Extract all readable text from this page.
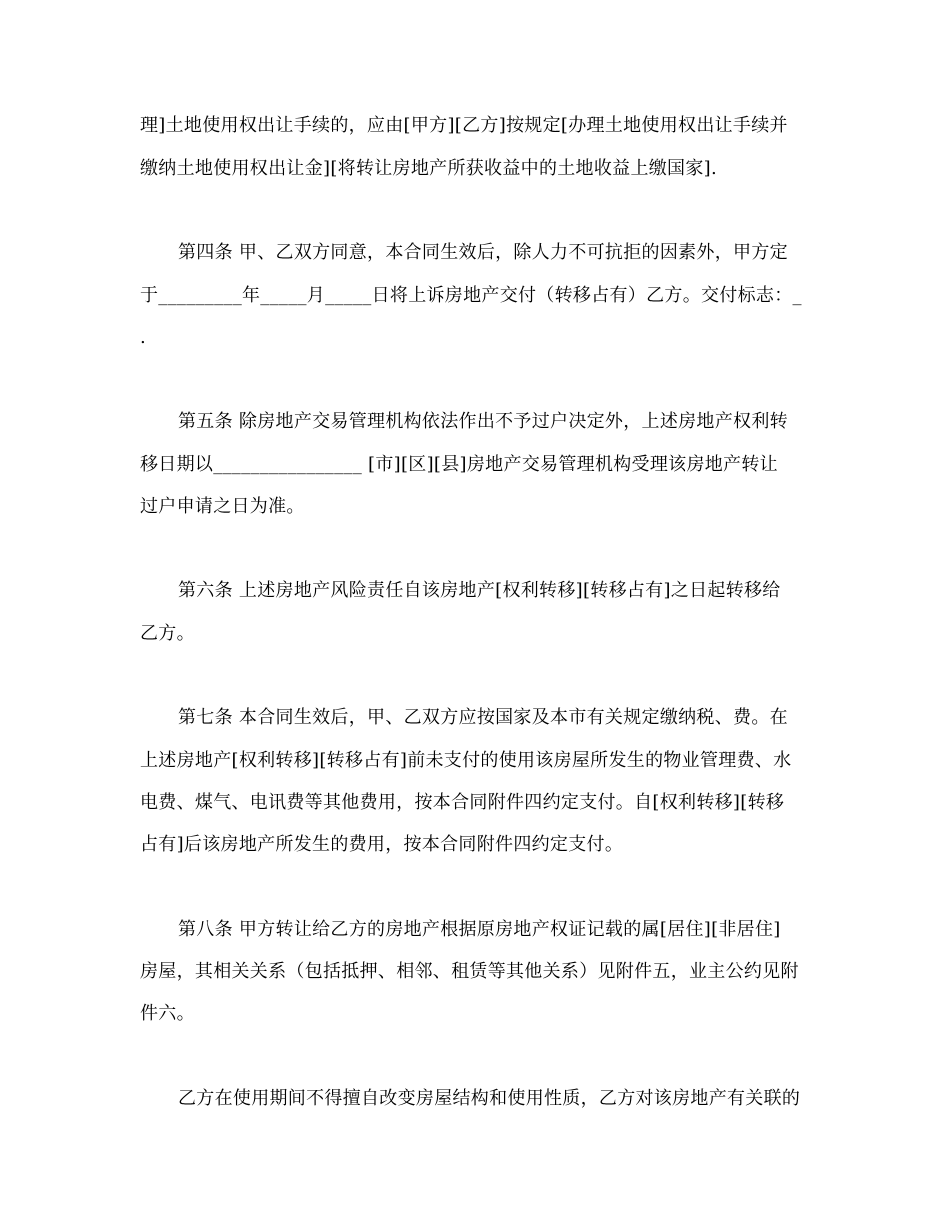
理]土地使用权出让手续的，应由[甲方][乙方]按规定[办理土地使用权出让手续并
缴纳土地使用权出让金][将转让房地产所获收益中的土地收益上缴国家].
第四条 甲、乙双方同意，本合同生效后，除人力不可抗拒的因素外，甲方定
于_________年_____月_____日将上诉房地产交付（转移占有）乙方。交付标志：_
.
第五条 除房地产交易管理机构依法作出不予过户决定外，上述房地产权利转
移日期以________________ [市][区][县]房地产交易管理机构受理该房地产转让
过户申请之日为准。
第六条 上述房地产风险责任自该房地产[权利转移][转移占有]之日起转移给
乙方。
第七条 本合同生效后，甲、乙双方应按国家及本市有关规定缴纳税、费。在
上述房地产[权利转移][转移占有]前未支付的使用该房屋所发生的物业管理费、水
电费、煤气、电讯费等其他费用，按本合同附件四约定支付。自[权利转移][转移
占有]后该房地产所发生的费用，按本合同附件四约定支付。
第八条 甲方转让给乙方的房地产根据原房地产权证记载的属[居住][非居住]
房屋，其相关关系（包括抵押、相邻、租赁等其他关系）见附件五，业主公约见附
件六。
乙方在使用期间不得擅自改变房屋结构和使用性质，乙方对该房地产有关联的
